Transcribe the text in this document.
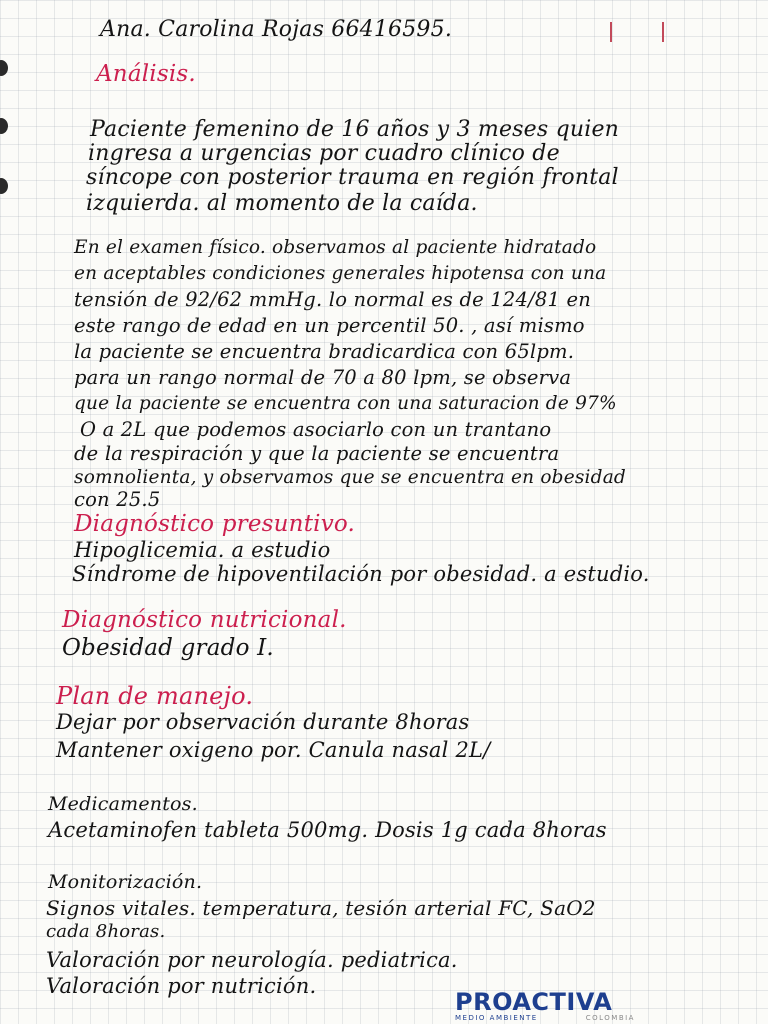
Ana. Carolina Rojas 66416595.
Análisis.
Paciente femenino de 16 años y 3 meses quien
ingresa a urgencias por cuadro clínico de
síncope con posterior trauma en región frontal
izquierda. al momento de la caída.
En el examen físico. observamos al paciente hidratado
en aceptables condiciones generales hipotensa con una
tensión de 92/62 mmHg. lo normal es de 124/81 en
este rango de edad en un percentil 50. , así mismo
la paciente se encuentra bradicardica con 65lpm.
para un rango normal de 70 a 80 lpm, se observa
que la paciente se encuentra con una saturacion de 97%
O a 2L que podemos asociarlo con un trantano
de la respiración y que la paciente se encuentra
somnolienta, y observamos que se encuentra en obesidad
con 25.5
Diagnóstico presuntivo.
Hipoglicemia. a estudio
Síndrome de hipoventilación por obesidad. a estudio.
Diagnóstico nutricional.
Obesidad grado I.
Plan de manejo.
Dejar por observación durante 8horas
Mantener oxigeno por. Canula nasal 2L/
Medicamentos.
Acetaminofen tableta 500mg. Dosis 1g cada 8horas
Monitorización.
Signos vitales. temperatura, tesión arterial FC, SaO2
cada 8horas.
Valoración por neurología. pediatrica.
Valoración por nutrición.
PROACTIVA
MEDIO AMBIENTE	COLOMBIA
